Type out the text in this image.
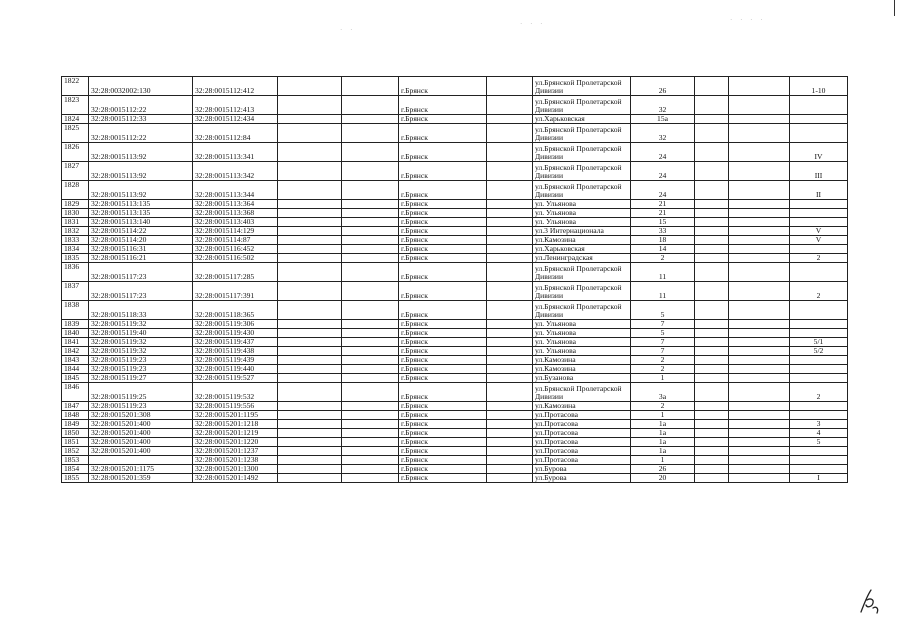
· ·
· · ·	· · · ·
1822	32:28:0032002:130	32:28:0015112:412			г.Брянск		ул.Брянской Пролетарской Дивизии	26			1-10
1823	32:28:0015112:22	32:28:0015112:413			г.Брянск		ул.Брянской Пролетарской Дивизии	32			
1824	32:28:0015112:33	32:28:0015112:434			г.Брянск		ул.Харьковская	15а			
1825	32:28:0015112:22	32:28:0015112:84			г.Брянск		ул.Брянской Пролетарской Дивизии	32			
1826	32:28:0015113:92	32:28:0015113:341			г.Брянск		ул.Брянской Пролетарской Дивизии	24			IV
1827	32:28:0015113:92	32:28:0015113:342			г.Брянск		ул.Брянской Пролетарской Дивизии	24			III
1828	32:28:0015113:92	32:28:0015113:344			г.Брянск		ул.Брянской Пролетарской Дивизии	24			II
1829	32:28:0015113:135	32:28:0015113:364			г.Брянск		ул. Ульянова	21			
1830	32:28:0015113:135	32:28:0015113:368			г.Брянск		ул. Ульянова	21			
1831	32:28:0015113:140	32:28:0015113:403			г.Брянск		ул. Ульянова	15			
1832	32:28:0015114:22	32:28:0015114:129			г.Брянск		ул.3 Интернационала	33			V
1833	32:28:0015114:20	32:28:0015114:87			г.Брянск		ул.Камозина	18			V
1834	32:28:0015116:31	32:28:0015116:452			г.Брянск		ул.Харьковская	14			
1835	32:28:0015116:21	32:28:0015116:502			г.Брянск		ул.Ленинградская	2			2
1836	32:28:0015117:23	32:28:0015117:285			г.Брянск		ул.Брянской Пролетарской Дивизии	11			
1837	32:28:0015117:23	32:28:0015117:391			г.Брянск		ул.Брянской Пролетарской Дивизии	11			2
1838	32:28:0015118:33	32:28:0015118:365			г.Брянск		ул.Брянской Пролетарской Дивизии	5			
1839	32:28:0015119:32	32:28:0015119:306			г.Брянск		ул. Ульянова	7			
1840	32:28:0015119:40	32:28:0015119:430			г.Брянск		ул. Ульянова	5			
1841	32:28:0015119:32	32:28:0015119:437			г.Брянск		ул. Ульянова	7			5/1
1842	32:28:0015119:32	32:28:0015119:438			г.Брянск		ул. Ульянова	7			5/2
1843	32:28:0015119:23	32:28:0015119:439			г.Брянск		ул.Камозина	2			
1844	32:28:0015119:23	32:28:0015119:440			г.Брянск		ул.Камозина	2			
1845	32:28:0015119:27	32:28:0015119:527			г.Брянск		ул.Бузанова	1			
1846	32:28:0015119:25	32:28:0015119:532			г.Брянск		ул.Брянской Пролетарской Дивизии	3а			2
1847	32:28:0015119:23	32:28:0015119:556			г.Брянск		ул.Камозина	2			
1848	32:28:0015201:308	32:28:0015201:1195			г.Брянск		ул.Протасова	1			
1849	32:28:0015201:400	32:28:0015201:1218			г.Брянск		ул.Протасова	1а			3
1850	32:28:0015201:400	32:28:0015201:1219			г.Брянск		ул.Протасова	1а			4
1851	32:28:0015201:400	32:28:0015201:1220			г.Брянск		ул.Протасова	1а			5
1852	32:28:0015201:400	32:28:0015201:1237			г.Брянск		ул.Протасова	1а			
1853		32:28:0015201:1238			г.Брянск		ул.Протасова	1			
1854	32:28:0015201:1175	32:28:0015201:1300			г.Брянск		ул.Бурова	26			
1855	32:28:0015201:359	32:28:0015201:1492			г.Брянск		ул.Бурова	20			I
